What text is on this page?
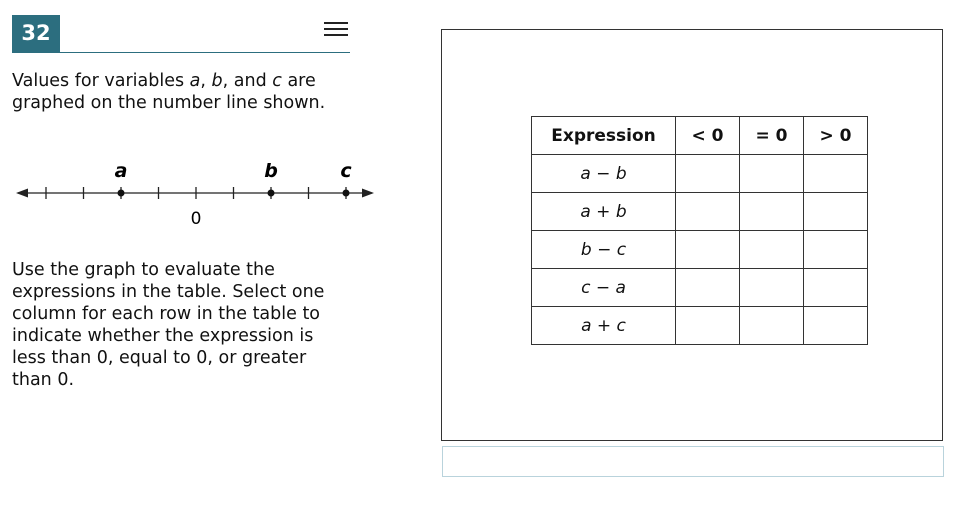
32

Values for variables a, b, and c are graphed on the number line shown.

a	b	c
0

Use the graph to evaluate the expressions in the table. Select one column for each row in the table to indicate whether the expression is less than 0, equal to 0, or greater than 0.

Expression	< 0	= 0	> 0
a − b			
a + b			
b − c			
c − a			
a + c			
